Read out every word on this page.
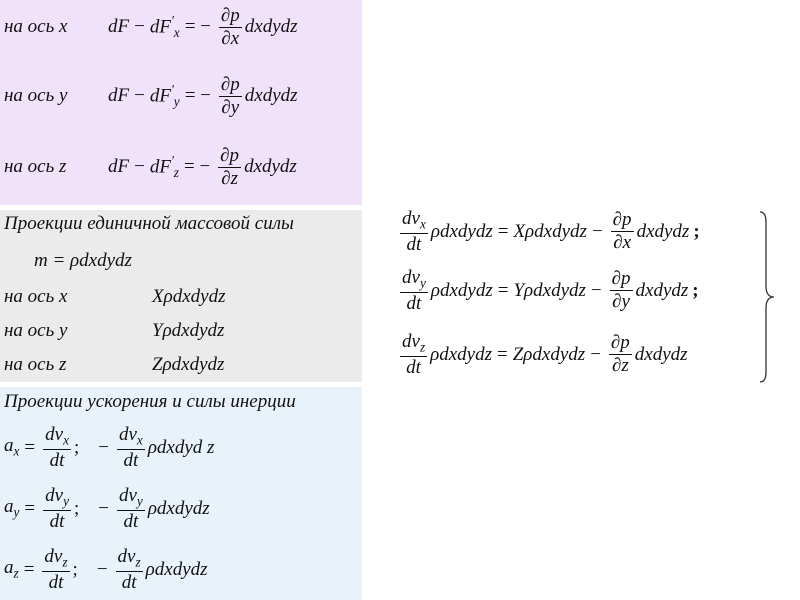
на ось x	dF − $dF'_x$ = − $\frac{\partial p}{\partial x}$ dxdydz
на ось y	dF − $dF'_y$ = − $\frac{\partial p}{\partial y}$ dxdydz
на ось z	dF − $dF'_z$ = − $\frac{\partial p}{\partial z}$ dxdydz
Проекции единичной массовой силы
m = ρdxdydz
на ось x	Xρdxdydz
на ось y	Yρdxdydz
на ось z	Zρdxdydz
Проекции ускорения и силы инерции
$a_x = \frac{dv_x}{dt}$ ; − $\frac{dv_x}{dt}$ ρdxdyd z
$a_y = \frac{dv_y}{dt}$ ; − $\frac{dv_y}{dt}$ ρdxdydz
$a_z = \frac{dv_z}{dt}$ ; − $\frac{dv_z}{dt}$ ρdxdydz
$\frac{dv_x}{dt}$ ρdxdydz = Xρdxdydz − $\frac{\partial p}{\partial x}$ dxdydz ;
$\frac{dv_y}{dt}$ ρdxdydz = Yρdxdydz − $\frac{\partial p}{\partial y}$ dxdydz ;
$\frac{dv_z}{dt}$ ρdxdydz = Zρdxdydz − $\frac{\partial p}{\partial z}$ dxdydz
